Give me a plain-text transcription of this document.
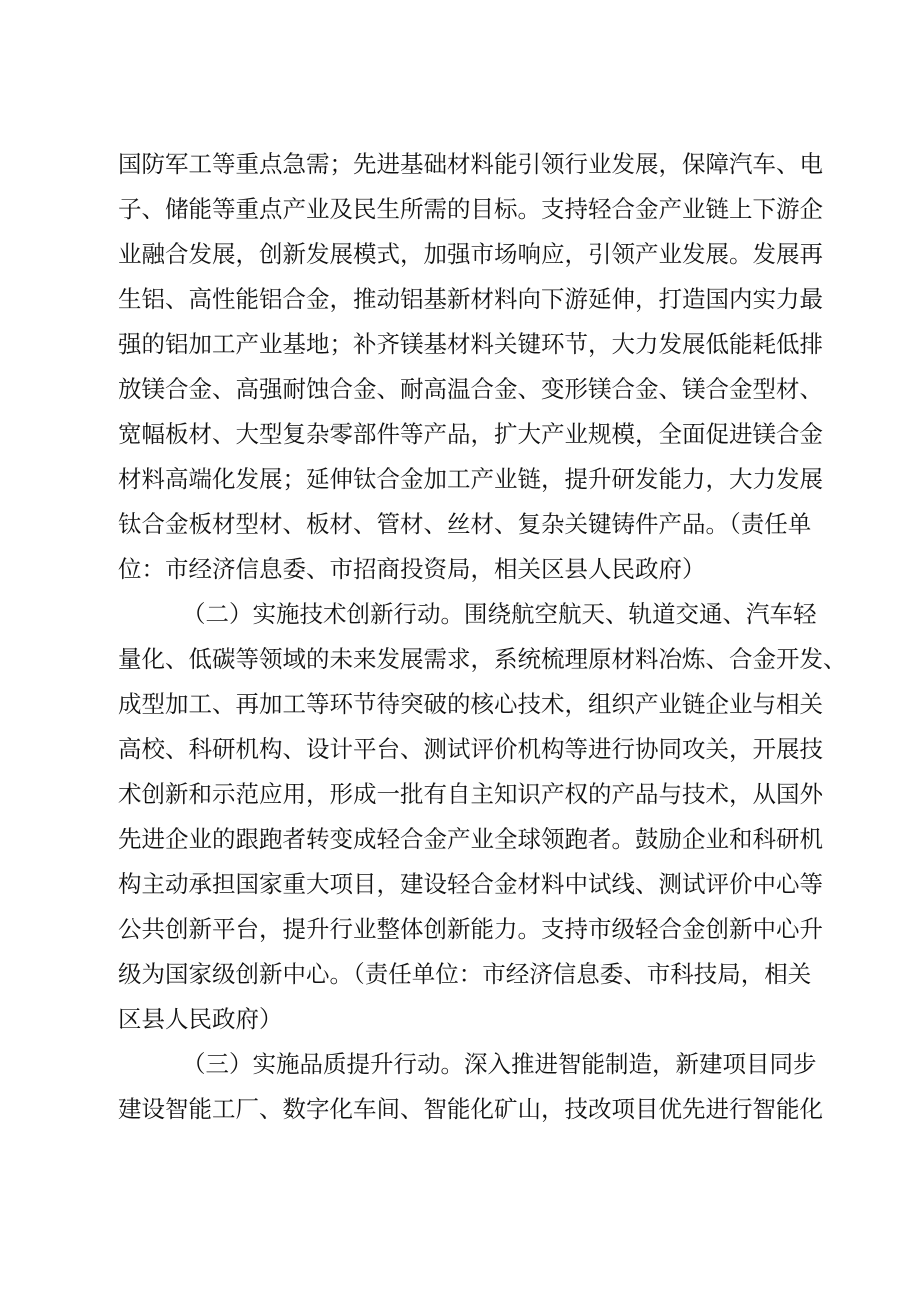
国防军工等重点急需；先进基础材料能引领行业发展，保障汽车、电
子、储能等重点产业及民生所需的目标。支持轻合金产业链上下游企
业融合发展，创新发展模式，加强市场响应，引领产业发展。发展再
生铝、高性能铝合金，推动铝基新材料向下游延伸，打造国内实力最
强的铝加工产业基地；补齐镁基材料关键环节，大力发展低能耗低排
放镁合金、高强耐蚀合金、耐高温合金、变形镁合金、镁合金型材、
宽幅板材、大型复杂零部件等产品，扩大产业规模，全面促进镁合金
材料高端化发展；延伸钛合金加工产业链，提升研发能力，大力发展
钛合金板材型材、板材、管材、丝材、复杂关键铸件产品。（责任单
位：市经济信息委、市招商投资局，相关区县人民政府）
（二）实施技术创新行动。围绕航空航天、轨道交通、汽车轻
量化、低碳等领域的未来发展需求，系统梳理原材料冶炼、合金开发、
成型加工、再加工等环节待突破的核心技术，组织产业链企业与相关
高校、科研机构、设计平台、测试评价机构等进行协同攻关，开展技
术创新和示范应用，形成一批有自主知识产权的产品与技术，从国外
先进企业的跟跑者转变成轻合金产业全球领跑者。鼓励企业和科研机
构主动承担国家重大项目，建设轻合金材料中试线、测试评价中心等
公共创新平台，提升行业整体创新能力。支持市级轻合金创新中心升
级为国家级创新中心。（责任单位：市经济信息委、市科技局，相关
区县人民政府）
（三）实施品质提升行动。深入推进智能制造，新建项目同步
建设智能工厂、数字化车间、智能化矿山，技改项目优先进行智能化
